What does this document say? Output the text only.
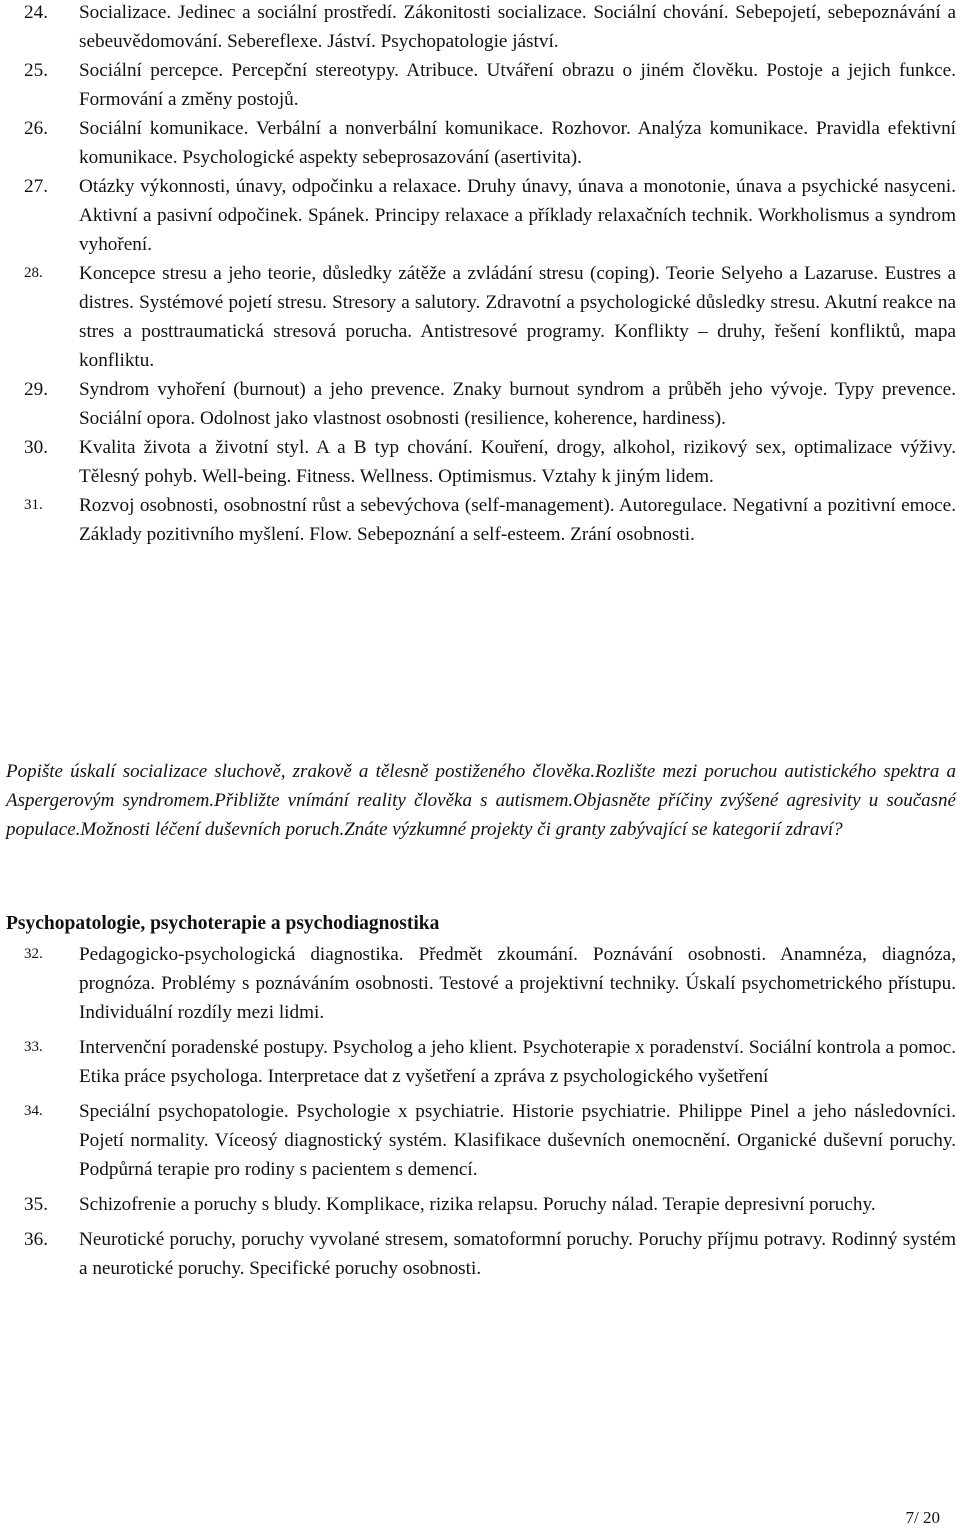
24.	Socializace. Jedinec a sociální prostředí. Zákonitosti socializace. Sociální chování. Sebepojetí, sebepoznávání a sebeuvědomování. Sebereflexe. Jáství. Psychopatologie jáství.
25.	Sociální percepce. Percepční stereotypy. Atribuce. Utváření obrazu o jiném člověku. Postoje a jejich funkce. Formování a změny postojů.
26.	Sociální komunikace. Verbální a nonverbální komunikace. Rozhovor. Analýza komunikace. Pravidla efektivní komunikace. Psychologické aspekty sebeprosazování (asertivita).
27.	Otázky výkonnosti, únavy, odpočinku a relaxace. Druhy únavy, únava a monotonie, únava a psychické nasyceni. Aktivní a pasivní odpočinek. Spánek. Principy relaxace a příklady relaxačních technik. Workholismus a syndrom vyhoření.
28.	Koncepce stresu a jeho teorie, důsledky zátěže a zvládání stresu (coping). Teorie Selyeho a Lazaruse. Eustres a distres. Systémové pojetí stresu. Stresory a salutory. Zdravotní a psychologické důsledky stresu. Akutní reakce na stres a posttraumatická stresová porucha. Antistresové programy. Konflikty – druhy, řešení konfliktů, mapa konfliktu.
29.	Syndrom vyhoření (burnout) a jeho prevence. Znaky burnout syndrom a průběh jeho vývoje. Typy prevence. Sociální opora. Odolnost jako vlastnost osobnosti (resilience, koherence, hardiness).
30.	Kvalita života a životní styl. A a B typ chování. Kouření, drogy, alkohol, rizikový sex, optimalizace výživy. Tělesný pohyb. Well-being. Fitness. Wellness. Optimismus. Vztahy k jiným lidem.
31.	Rozvoj osobnosti, osobnostní růst a sebevýchova (self-management). Autoregulace. Negativní a pozitivní emoce. Základy pozitivního myšlení. Flow. Sebepoznání a self-esteem. Zrání osobnosti.
Popište úskalí socializace sluchově, zrakově a tělesně postiženého člověka.Rozlište mezi poruchou autistického spektra a Aspergerovým syndromem.Přibližte vnímání reality člověka s autismem.Objasněte příčiny zvýšené agresivity u současné populace.Možnosti léčení duševních poruch.Znáte výzkumné projekty či granty zabývající se kategorií zdraví?
Psychopatologie, psychoterapie a psychodiagnostika
32.	Pedagogicko-psychologická diagnostika. Předmět zkoumání. Poznávání osobnosti. Anamnéza, diagnóza, prognóza. Problémy s poznáváním osobnosti. Testové a projektivní techniky. Úskalí psychometrického přístupu. Individuální rozdíly mezi lidmi.
33.	Intervenční poradenské postupy. Psycholog a jeho klient. Psychoterapie x poradenství. Sociální kontrola a pomoc. Etika práce psychologa. Interpretace dat z vyšetření a zpráva z psychologického vyšetření
34.	Speciální psychopatologie. Psychologie x psychiatrie. Historie psychiatrie. Philippe Pinel a jeho následovníci. Pojetí normality. Víceosý diagnostický systém. Klasifikace duševních onemocnění. Organické duševní poruchy. Podpůrná terapie pro rodiny s pacientem s demencí.
35.	Schizofrenie a poruchy s bludy. Komplikace, rizika relapsu. Poruchy nálad. Terapie depresivní poruchy.
36.	Neurotické poruchy, poruchy vyvolané stresem, somatoformní poruchy. Poruchy příjmu potravy. Rodinný systém a neurotické poruchy. Specifické poruchy osobnosti.
7/ 20
